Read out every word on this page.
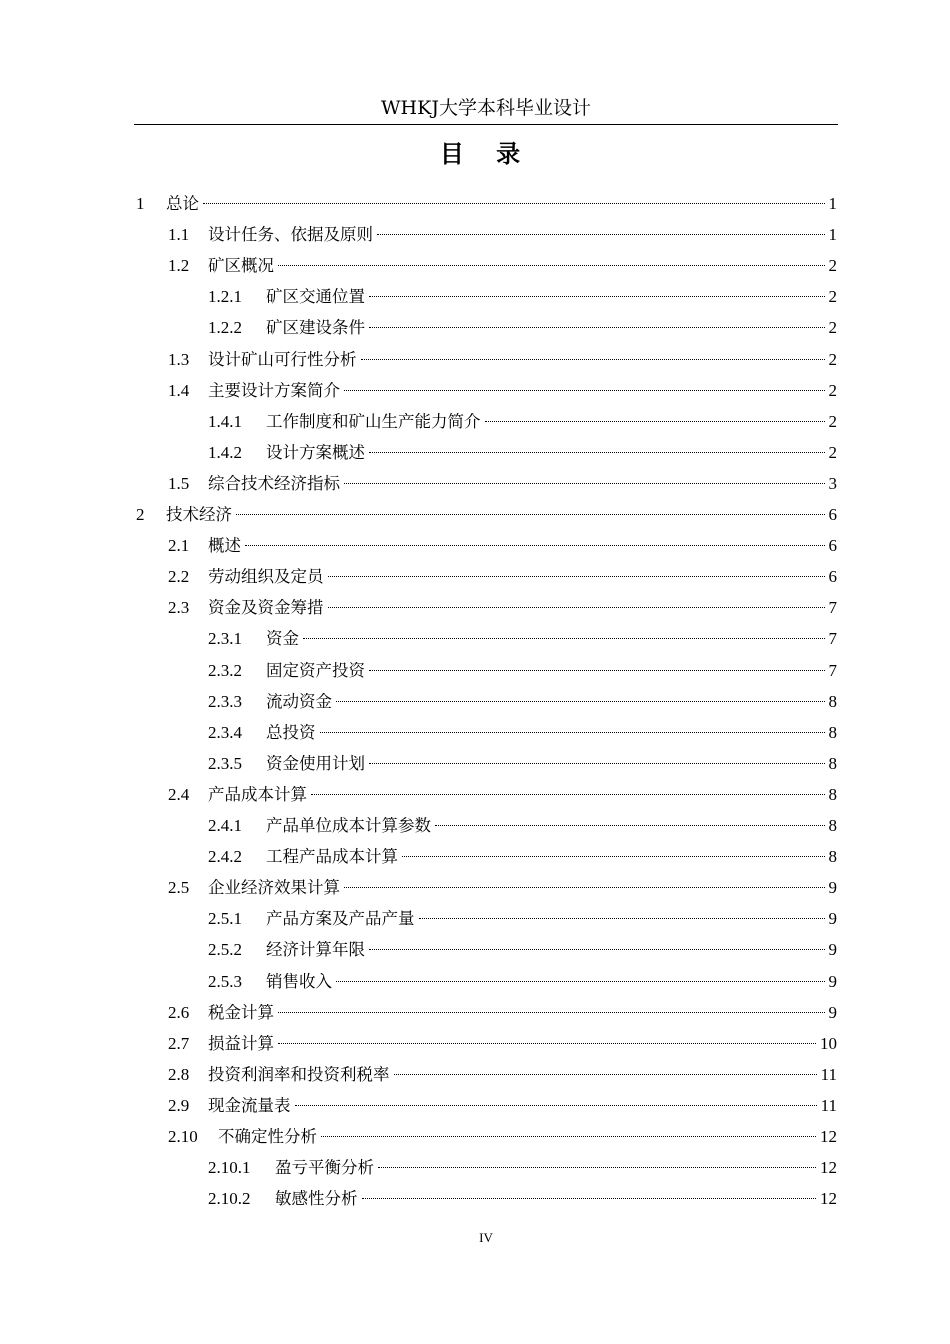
WHKJ大学本科毕业设计
目 录
1	总论	1
1.1	设计任务、依据及原则	1
1.2	矿区概况	2
1.2.1	矿区交通位置	2
1.2.2	矿区建设条件	2
1.3	设计矿山可行性分析	2
1.4	主要设计方案简介	2
1.4.1	工作制度和矿山生产能力简介	2
1.4.2	设计方案概述	2
1.5	综合技术经济指标	3
2	技术经济	6
2.1	概述	6
2.2	劳动组织及定员	6
2.3	资金及资金筹措	7
2.3.1	资金	7
2.3.2	固定资产投资	7
2.3.3	流动资金	8
2.3.4	总投资	8
2.3.5	资金使用计划	8
2.4	产品成本计算	8
2.4.1	产品单位成本计算参数	8
2.4.2	工程产品成本计算	8
2.5	企业经济效果计算	9
2.5.1	产品方案及产品产量	9
2.5.2	经济计算年限	9
2.5.3	销售收入	9
2.6	税金计算	9
2.7	损益计算	10
2.8	投资利润率和投资利税率	11
2.9	现金流量表	11
2.10	不确定性分析	12
2.10.1	盈亏平衡分析	12
2.10.2	敏感性分析	12
IV
